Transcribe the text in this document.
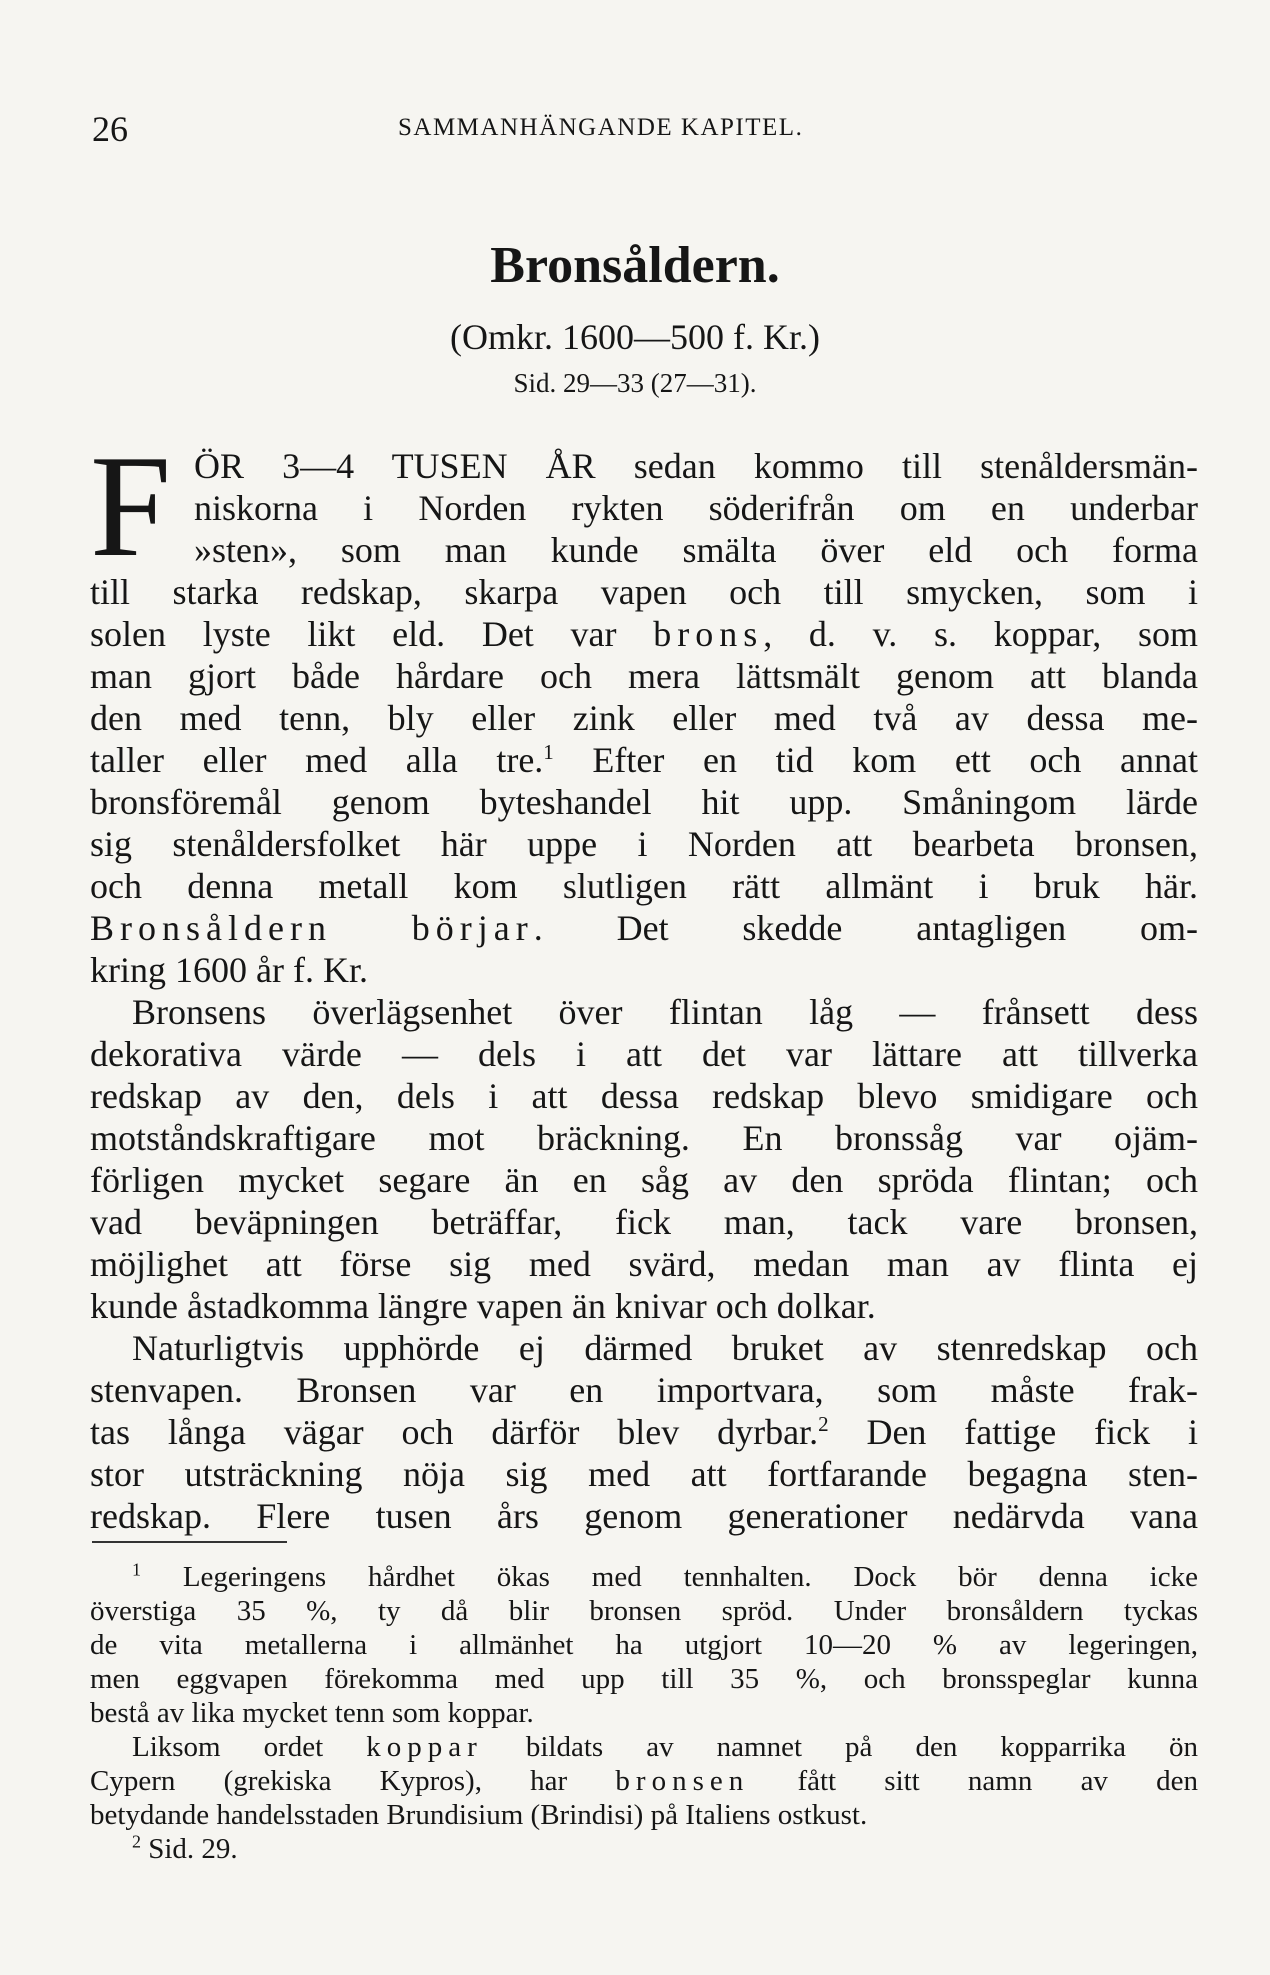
26	SAMMANHÄNGANDE KAPITEL.
Bronsåldern.
(Omkr. 1600—500 f. Kr.)
Sid. 29—33 (27—31).
F ÖR 3—4 TUSEN ÅR sedan kommo till stenåldersmän-
niskorna i Norden rykten söderifrån om en underbar
»sten», som man kunde smälta över eld och forma
till starka redskap, skarpa vapen och till smycken, som i
solen lyste likt eld. Det var brons, d. v. s. koppar, som
man gjort både hårdare och mera lättsmält genom att blanda
den med tenn, bly eller zink eller med två av dessa me-
taller eller med alla tre.$^1$ Efter en tid kom ett och annat
bronsföremål genom byteshandel hit upp. Småningom lärde
sig stenåldersfolket här uppe i Norden att bearbeta bronsen,
och denna metall kom slutligen rätt allmänt i bruk här.
Bronsåldern börjar. Det skedde antagligen om-
kring 1600 år f. Kr.
Bronsens överlägsenhet över flintan låg — frånsett dess
dekorativa värde — dels i att det var lättare att tillverka
redskap av den, dels i att dessa redskap blevo smidigare och
motståndskraftigare mot bräckning. En bronssåg var ojäm-
förligen mycket segare än en såg av den spröda flintan; och
vad beväpningen beträffar, fick man, tack vare bronsen,
möjlighet att förse sig med svärd, medan man av flinta ej
kunde åstadkomma längre vapen än knivar och dolkar.
Naturligtvis upphörde ej därmed bruket av stenredskap och
stenvapen. Bronsen var en importvara, som måste frak-
tas långa vägar och därför blev dyrbar.$^2$ Den fattige fick i
stor utsträckning nöja sig med att fortfarande begagna sten-
redskap. Flere tusen års genom generationer nedärvda vana
$^1$ Legeringens hårdhet ökas med tennhalten. Dock bör denna icke
överstiga 35 %, ty då blir bronsen spröd. Under bronsåldern tyckas
de vita metallerna i allmänhet ha utgjort 10—20 % av legeringen,
men eggvapen förekomma med upp till 35 %, och bronsspeglar kunna
bestå av lika mycket tenn som koppar.
Liksom ordet koppar bildats av namnet på den kopparrika ön
Cypern (grekiska Kypros), har bronsen fått sitt namn av den
betydande handelsstaden Brundisium (Brindisi) på Italiens ostkust.
$^2$ Sid. 29.
